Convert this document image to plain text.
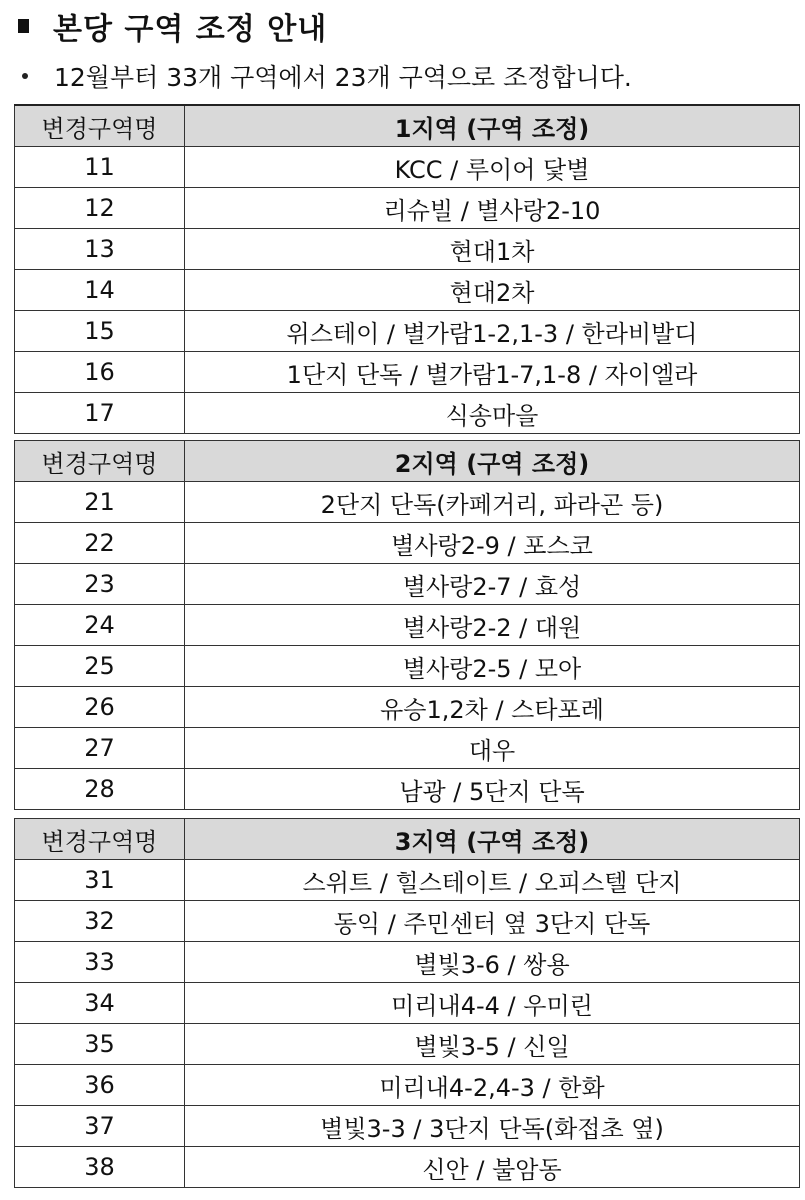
본당 구역 조정 안내
12월부터 33개 구역에서 23개 구역으로 조정합니다.
변경구역명	1지역 (구역 조정)
11	KCC / 루이어 닻별
12	리슈빌 / 별사랑2-10
13	현대1차
14	현대2차
15	위스테이 / 별가람1-2,1-3 / 한라비발디
16	1단지 단독 / 별가람1-7,1-8 / 자이엘라
17	식송마을
변경구역명	2지역 (구역 조정)
21	2단지 단독(카페거리, 파라곤 등)
22	별사랑2-9 / 포스코
23	별사랑2-7 / 효성
24	별사랑2-2 / 대원
25	별사랑2-5 / 모아
26	유승1,2차 / 스타포레
27	대우
28	남광 / 5단지 단독
변경구역명	3지역 (구역 조정)
31	스위트 / 힐스테이트 / 오피스텔 단지
32	동익 / 주민센터 옆 3단지 단독
33	별빛3-6 / 쌍용
34	미리내4-4 / 우미린
35	별빛3-5 / 신일
36	미리내4-2,4-3 / 한화
37	별빛3-3 / 3단지 단독(화접초 옆)
38	신안 / 불암동
